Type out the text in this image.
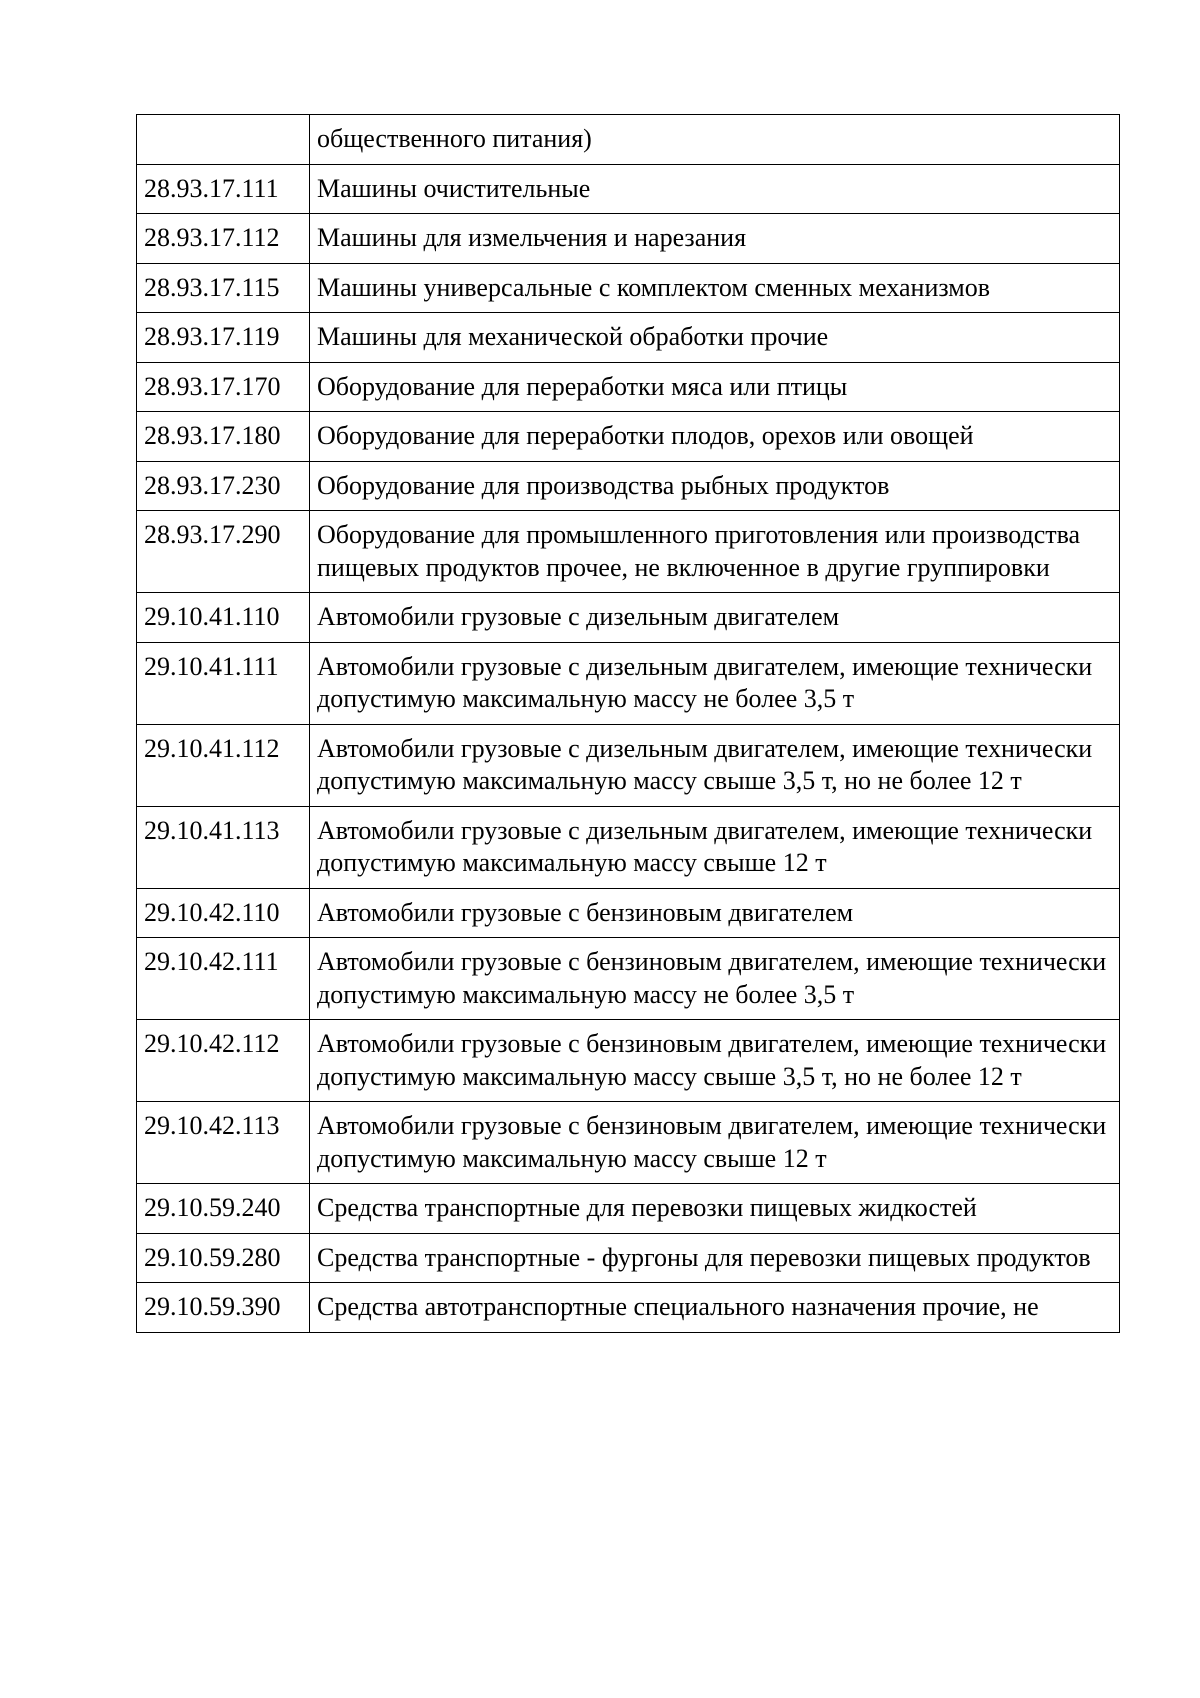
	общественного питания)
28.93.17.111	Машины очистительные
28.93.17.112	Машины для измельчения и нарезания
28.93.17.115	Машины универсальные с комплектом сменных механизмов
28.93.17.119	Машины для механической обработки прочие
28.93.17.170	Оборудование для переработки мяса или птицы
28.93.17.180	Оборудование для переработки плодов, орехов или овощей
28.93.17.230	Оборудование для производства рыбных продуктов
28.93.17.290	Оборудование для промышленного приготовления или производства пищевых продуктов прочее, не включенное в другие группировки
29.10.41.110	Автомобили грузовые с дизельным двигателем
29.10.41.111	Автомобили грузовые с дизельным двигателем, имеющие технически допустимую максимальную массу не более 3,5 т
29.10.41.112	Автомобили грузовые с дизельным двигателем, имеющие технически допустимую максимальную массу свыше 3,5 т, но не более 12 т
29.10.41.113	Автомобили грузовые с дизельным двигателем, имеющие технически допустимую максимальную массу свыше 12 т
29.10.42.110	Автомобили грузовые с бензиновым двигателем
29.10.42.111	Автомобили грузовые с бензиновым двигателем, имеющие технически допустимую максимальную массу не более 3,5 т
29.10.42.112	Автомобили грузовые с бензиновым двигателем, имеющие технически допустимую максимальную массу свыше 3,5 т, но не более 12 т
29.10.42.113	Автомобили грузовые с бензиновым двигателем, имеющие технически допустимую максимальную массу свыше 12 т
29.10.59.240	Средства транспортные для перевозки пищевых жидкостей
29.10.59.280	Средства транспортные - фургоны для перевозки пищевых продуктов
29.10.59.390	Средства автотранспортные специального назначения прочие, не
